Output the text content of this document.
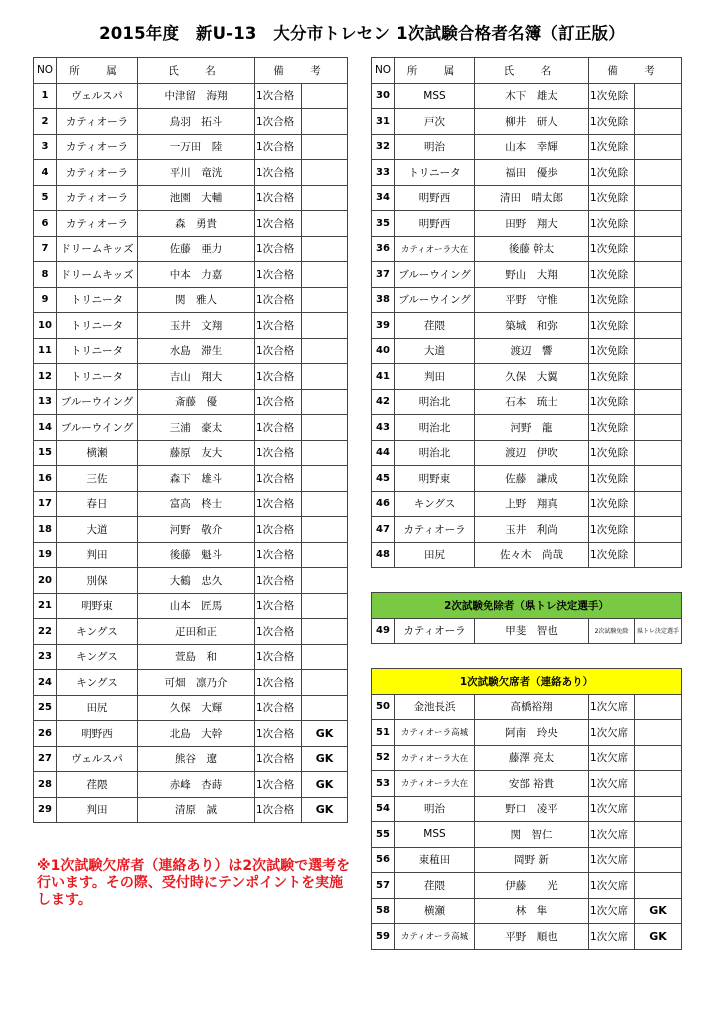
2015年度　新U-13　大分市トレセン 1次試験合格者名簿（訂正版）
NO	所　属	氏　名	備　考	
1	ヴェルスパ	中津留　海翔	1次合格	
2	カティオーラ	鳥羽　拓斗	1次合格	
3	カティオーラ	一万田　陸	1次合格	
4	カティオーラ	平川　竜洸	1次合格	
5	カティオーラ	池園　大輔	1次合格	
6	カティオーラ	森　勇貴	1次合格	
7	ドリームキッズ	佐藤　亜力	1次合格	
8	ドリームキッズ	中本　力嘉	1次合格	
9	トリニータ	関　雅人	1次合格	
10	トリニータ	玉井　文翔	1次合格	
11	トリニータ	水島　滞生	1次合格	
12	トリニータ	吉山　翔大	1次合格	
13	ブルーウイング	斎藤　優	1次合格	
14	ブルーウイング	三浦　豪太	1次合格	
15	横瀬	藤原　友大	1次合格	
16	三佐	森下　雄斗	1次合格	
17	春日	富高　柊士	1次合格	
18	大道	河野　敬介	1次合格	
19	判田	後藤　魁斗	1次合格	
20	別保	大鶴　忠久	1次合格	
21	明野東	山本　匠馬	1次合格	
22	キングス	疋田和正	1次合格	
23	キングス	萱島　和	1次合格	
24	キングス	可畑　凛乃介	1次合格	
25	田尻	久保　大輝	1次合格	
26	明野西	北島　大幹	1次合格	GK
27	ヴェルスパ	熊谷　遼	1次合格	GK
28	荏隈	赤峰　杏蒔	1次合格	GK
29	判田	清原　誠	1次合格	GK
NO	所　属	氏　名	備　考	
30	MSS	木下　雄太	1次免除	
31	戸次	柳井　研人	1次免除	
32	明治	山本　幸輝	1次免除	
33	トリニータ	福田　優歩	1次免除	
34	明野西	清田　晴太郎	1次免除	
35	明野西	田野　翔大	1次免除	
36	カティオーラ大在	後藤 幹太	1次免除	
37	ブルーウイング	野山　大翔	1次免除	
38	ブルーウイング	平野　守惟	1次免除	
39	荏隈	築城　和弥	1次免除	
40	大道	渡辺　響	1次免除	
41	判田	久保　大翼	1次免除	
42	明治北	石本　琉士	1次免除	
43	明治北	河野　龍	1次免除	
44	明治北	渡辺　伊吹	1次免除	
45	明野東	佐藤　謙成	1次免除	
46	キングス	上野　翔真	1次免除	
47	カティオーラ	玉井　利尚	1次免除	
48	田尻	佐々木　尚哉	1次免除	
2次試験免除者（県トレ決定選手）
49	カティオーラ	甲斐　智也	2次試験免除	県トレ決定選手
1次試験欠席者（連絡あり）				
50	金池長浜	高橋裕翔	1次欠席	
51	カティオーラ高城	阿南　玲央	1次欠席	
52	カティオーラ大在	藤澤 亮太	1次欠席	
53	カティオーラ大在	安部 裕貴	1次欠席	
54	明治	野口　凌平	1次欠席	
55	MSS	関　智仁	1次欠席	
56	東稙田	岡野 新	1次欠席	
57	荏隈	伊藤　　光	1次欠席	
58	横瀬	林　隼	1次欠席	GK
59	カティオーラ高城	平野　順也	1次欠席	GK
※1次試験欠席者（連絡あり）は2次試験で選考を行います。その際、受付時にテンポイントを実施します。
